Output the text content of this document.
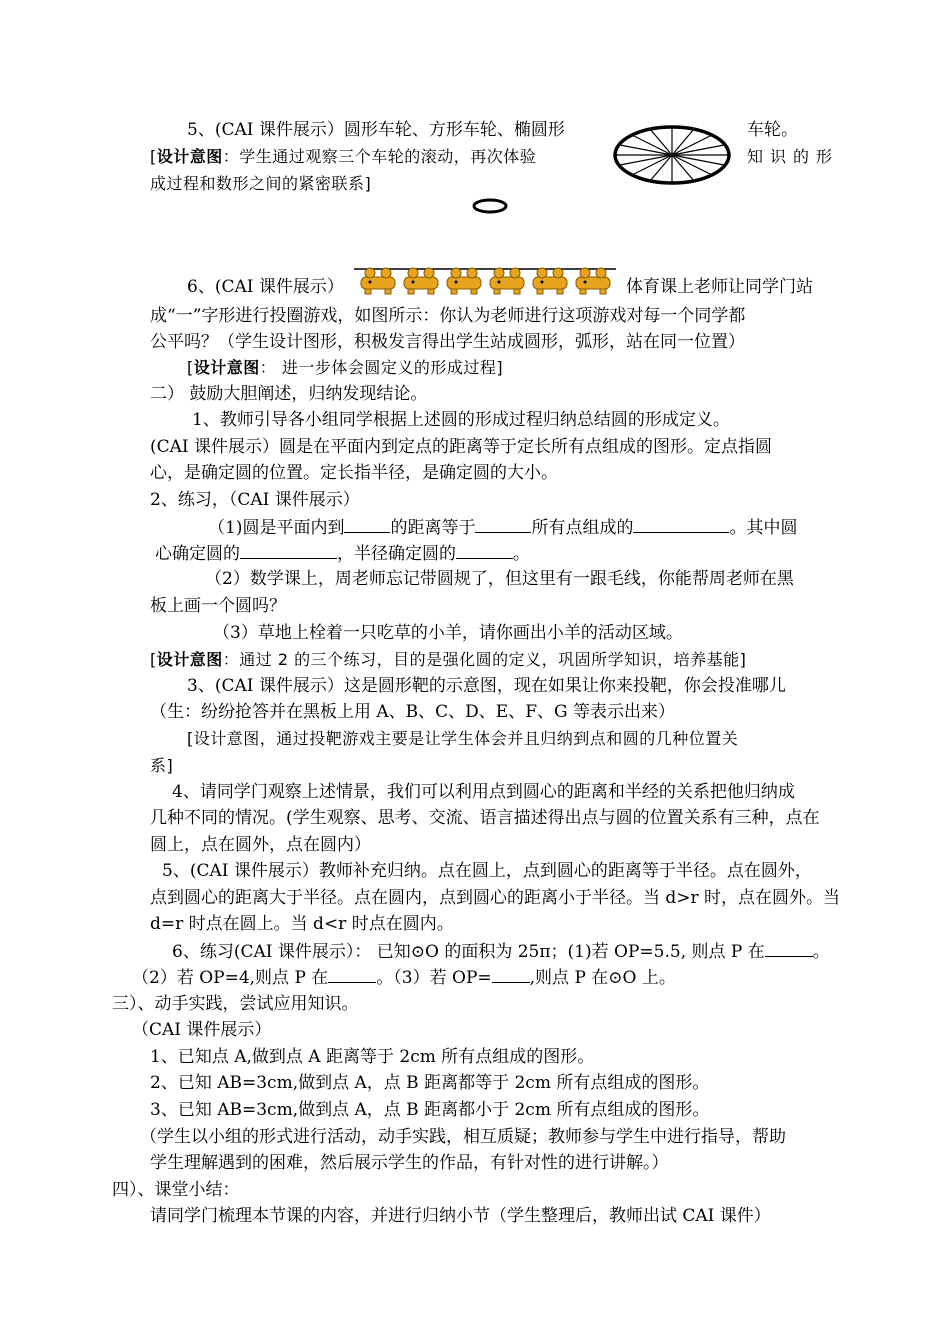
5、(CAI 课件展示）圆形车轮、方形车轮、椭圆形	车轮。
[设计意图：学生通过观察三个车轮的滚动，再次体验	知识的形
成过程和数形之间的紧密联系]
6、(CAI 课件展示）	体育课上老师让同学门站
成“一”字形进行投圈游戏，如图所示：你认为老师进行这项游戏对每一个同学都
公平吗？（学生设计图形，积极发言得出学生站成圆形，弧形，站在同一位置）
[设计意图： 进一步体会圆定义的形成过程]
二） 鼓励大胆阐述，归纳发现结论。
1、教师引导各小组同学根据上述圆的形成过程归纳总结圆的形成定义。
(CAI 课件展示）圆是在平面内到定点的距离等于定长所有点组成的图形。定点指圆
心，是确定圆的位置。定长指半径，是确定圆的大小。
2、练习，（CAI 课件展示）
（1)圆是平面内到	的距离等于	所有点组成的	。其中圆
心确定圆的	，半径确定圆的	。
（2）数学课上，周老师忘记带圆规了，但这里有一跟毛线，你能帮周老师在黑
板上画一个圆吗？
（3）草地上栓着一只吃草的小羊，请你画出小羊的活动区域。
[设计意图：通过 2 的三个练习，目的是强化圆的定义，巩固所学知识，培养基能]
3、(CAI 课件展示）这是圆形靶的示意图，现在如果让你来投靶，你会投准哪儿
（生：纷纷抢答并在黑板上用 A、B、C、D、E、F、G 等表示出来）
[设计意图，通过投靶游戏主要是让学生体会并且归纳到点和圆的几种位置关
系]
4、请同学门观察上述情景，我们可以利用点到圆心的距离和半经的关系把他归纳成
几种不同的情况。(学生观察、思考、交流、语言描述得出点与圆的位置关系有三种，点在
圆上，点在圆外，点在圆内）
5、(CAI 课件展示）教师补充归纳。点在圆上，点到圆心的距离等于半径。点在圆外，
点到圆心的距离大于半径。点在圆内，点到圆心的距离小于半径。当 d>r 时，点在圆外。当
d=r 时点在圆上。当 d<r 时点在圆内。
6、练习(CAI 课件展示）： 已知⊙O 的面积为 25π；(1)若 OP=5.5, 则点 P 在	。
（2）若 OP=4,则点 P 在	。（3）若 OP= ,则点 P 在⊙O 上。
三）、动手实践，尝试应用知识。
（CAI 课件展示）
1、已知点 A,做到点 A 距离等于 2cm 所有点组成的图形。
2、已知 AB=3cm,做到点 A，点 B 距离都等于 2cm 所有点组成的图形。
3、已知 AB=3cm,做到点 A，点 B 距离都小于 2cm 所有点组成的图形。
（学生以小组的形式进行活动，动手实践，相互质疑；教师参与学生中进行指导，帮助
学生理解遇到的困难，然后展示学生的作品，有针对性的进行讲解。）
四）、课堂小结：
请同学门梳理本节课的内容，并进行归纳小节（学生整理后，教师出试 CAI 课件）
